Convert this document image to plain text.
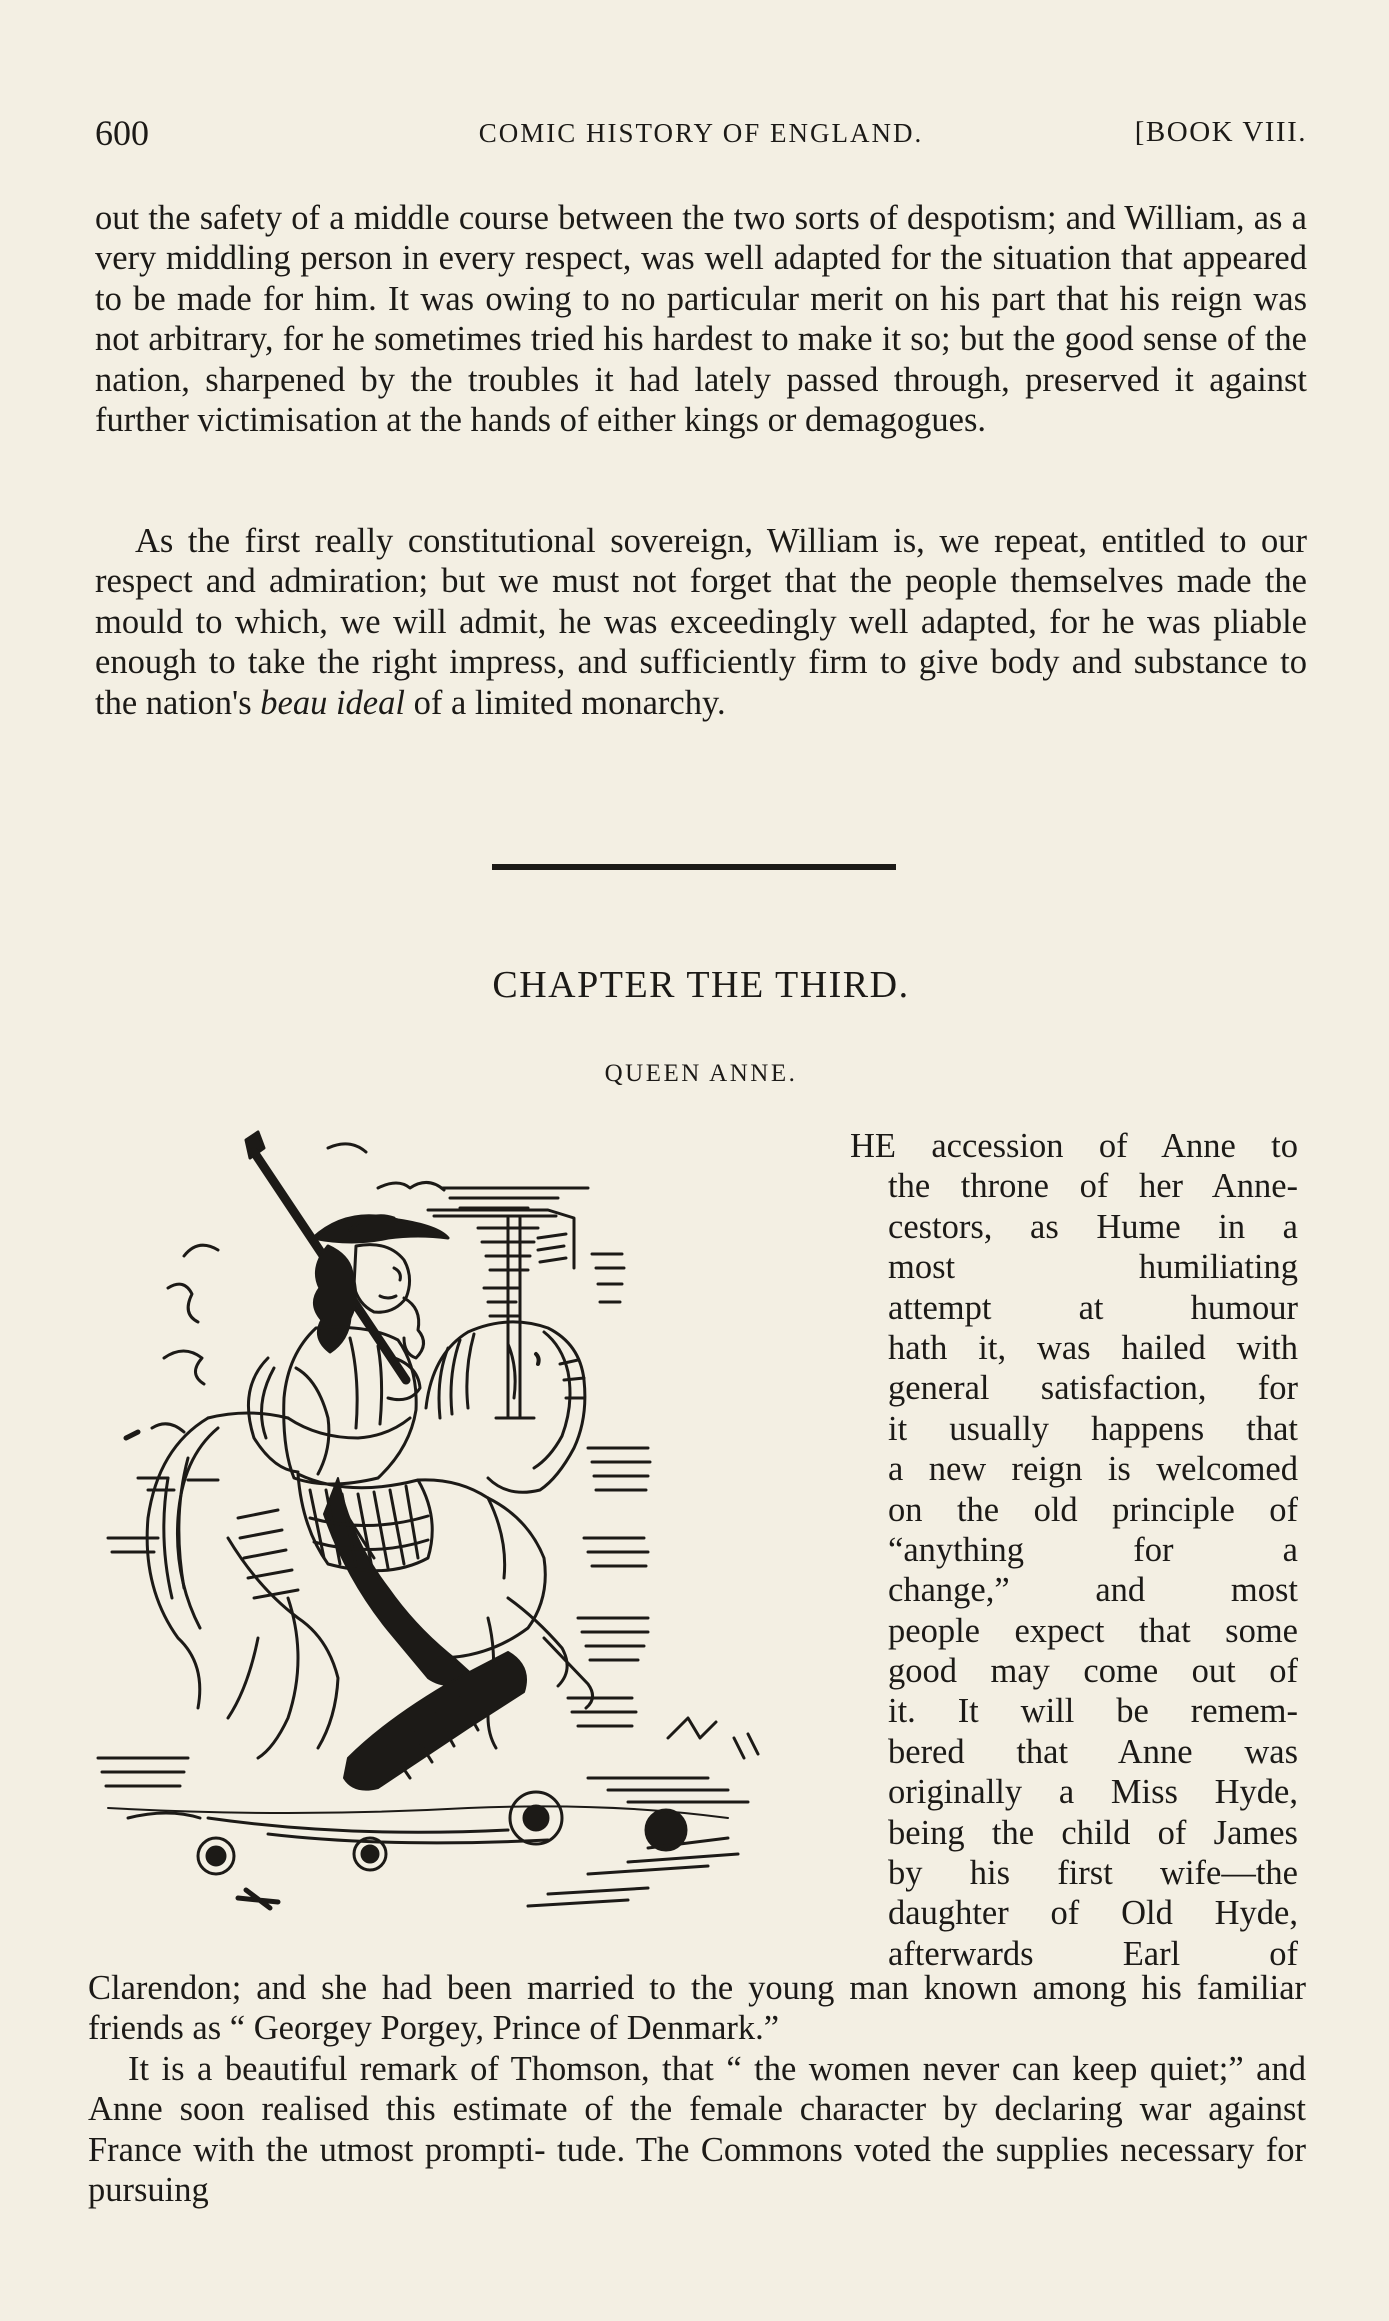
600	COMIC HISTORY OF ENGLAND.	[BOOK VIII.

out the safety of a middle course between the two sorts of despotism; and William, as a very middling person in every respect, was well adapted for the situation that appeared to be made for him. It was owing to no particular merit on his part that his reign was not arbitrary, for he sometimes tried his hardest to make it so; but the good sense of the nation, sharpened by the troubles it had lately passed through, preserved it against further victimisation at the hands of either kings or demagogues.

As the first really constitutional sovereign, William is, we repeat, entitled to our respect and admiration; but we must not forget that the people themselves made the mould to which, we will admit, he was exceedingly well adapted, for he was pliable enough to take the right impress, and sufficiently firm to give body and substance to the nation's beau ideal of a limited monarchy.

CHAPTER THE THIRD.
QUEEN ANNE.
HE accession of Anne to
the throne of her Anne-
cestors, as Hume in a
most humiliating
attempt at humour
hath it, was hailed with
general satisfaction, for
it usually happens that
a new reign is welcomed
on the old principle of
“anything for a
change,” and most
people expect that some
good may come out of
it. It will be remem-
bered that Anne was
originally a Miss Hyde,
being the child of James
by his first wife—the
daughter of Old Hyde,
afterwards Earl of

Clarendon; and she had been married to the young man known among his familiar friends as “ Georgey Porgey, Prince of Denmark.”

It is a beautiful remark of Thomson, that “ the women never can keep quiet;” and Anne soon realised this estimate of the female character by declaring war against France with the utmost prompti- tude. The Commons voted the supplies necessary for pursuing
